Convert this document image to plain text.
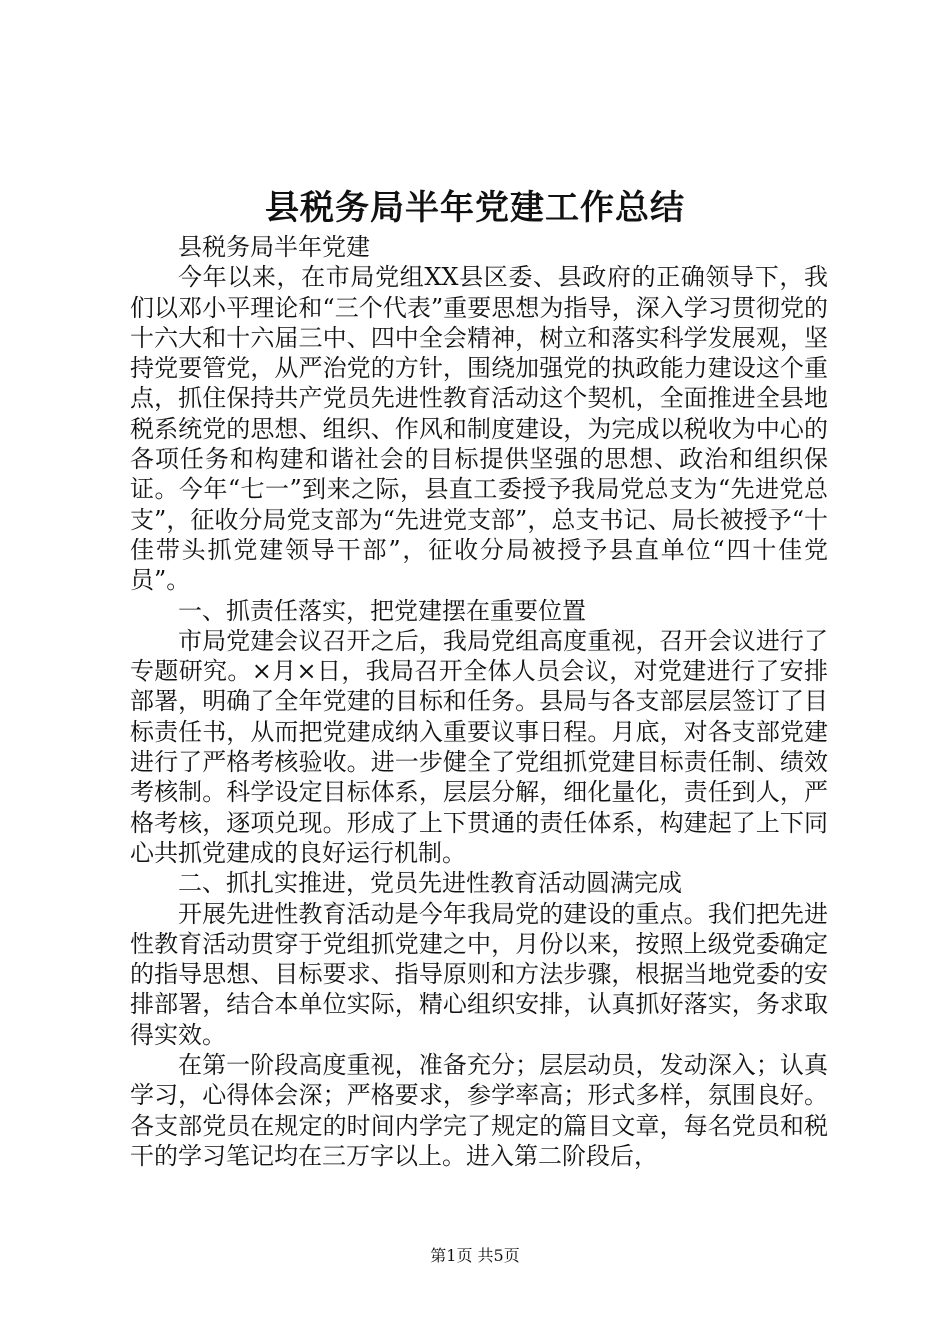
县税务局半年党建工作总结

县税务局半年党建

今年以来，在市局党组XX县区委、县政府的正确领导下，我们以邓小平理论和“三个代表”重要思想为指导，深入学习贯彻党的十六大和十六届三中、四中全会精神，树立和落实科学发展观，坚持党要管党，从严治党的方针，围绕加强党的执政能力建设这个重点，抓住保持共产党员先进性教育活动这个契机，全面推进全县地税系统党的思想、组织、作风和制度建设，为完成以税收为中心的各项任务和构建和谐社会的目标提供坚强的思想、政治和组织保证。今年“七一”到来之际，县直工委授予我局党总支为“先进党总支”，征收分局党支部为“先进党支部”，总支书记、局长被授予“十佳带头抓党建领导干部”，征收分局被授予县直单位“四十佳党员”。

一、抓责任落实，把党建摆在重要位置

市局党建会议召开之后，我局党组高度重视，召开会议进行了专题研究。×月×日，我局召开全体人员会议，对党建进行了安排部署，明确了全年党建的目标和任务。县局与各支部层层签订了目标责任书，从而把党建成纳入重要议事日程。月底，对各支部党建进行了严格考核验收。进一步健全了党组抓党建目标责任制、绩效考核制。科学设定目标体系，层层分解，细化量化，责任到人，严格考核，逐项兑现。形成了上下贯通的责任体系，构建起了上下同心共抓党建成的良好运行机制。

二、抓扎实推进，党员先进性教育活动圆满完成

开展先进性教育活动是今年我局党的建设的重点。我们把先进性教育活动贯穿于党组抓党建之中，月份以来，按照上级党委确定的指导思想、目标要求、指导原则和方法步骤，根据当地党委的安排部署，结合本单位实际，精心组织安排，认真抓好落实，务求取得实效。

在第一阶段高度重视，准备充分；层层动员，发动深入；认真学习，心得体会深；严格要求，参学率高；形式多样，氛围良好。各支部党员在规定的时间内学完了规定的篇目文章，每名党员和税干的学习笔记均在三万字以上。进入第二阶段后，

第1页 共5页
